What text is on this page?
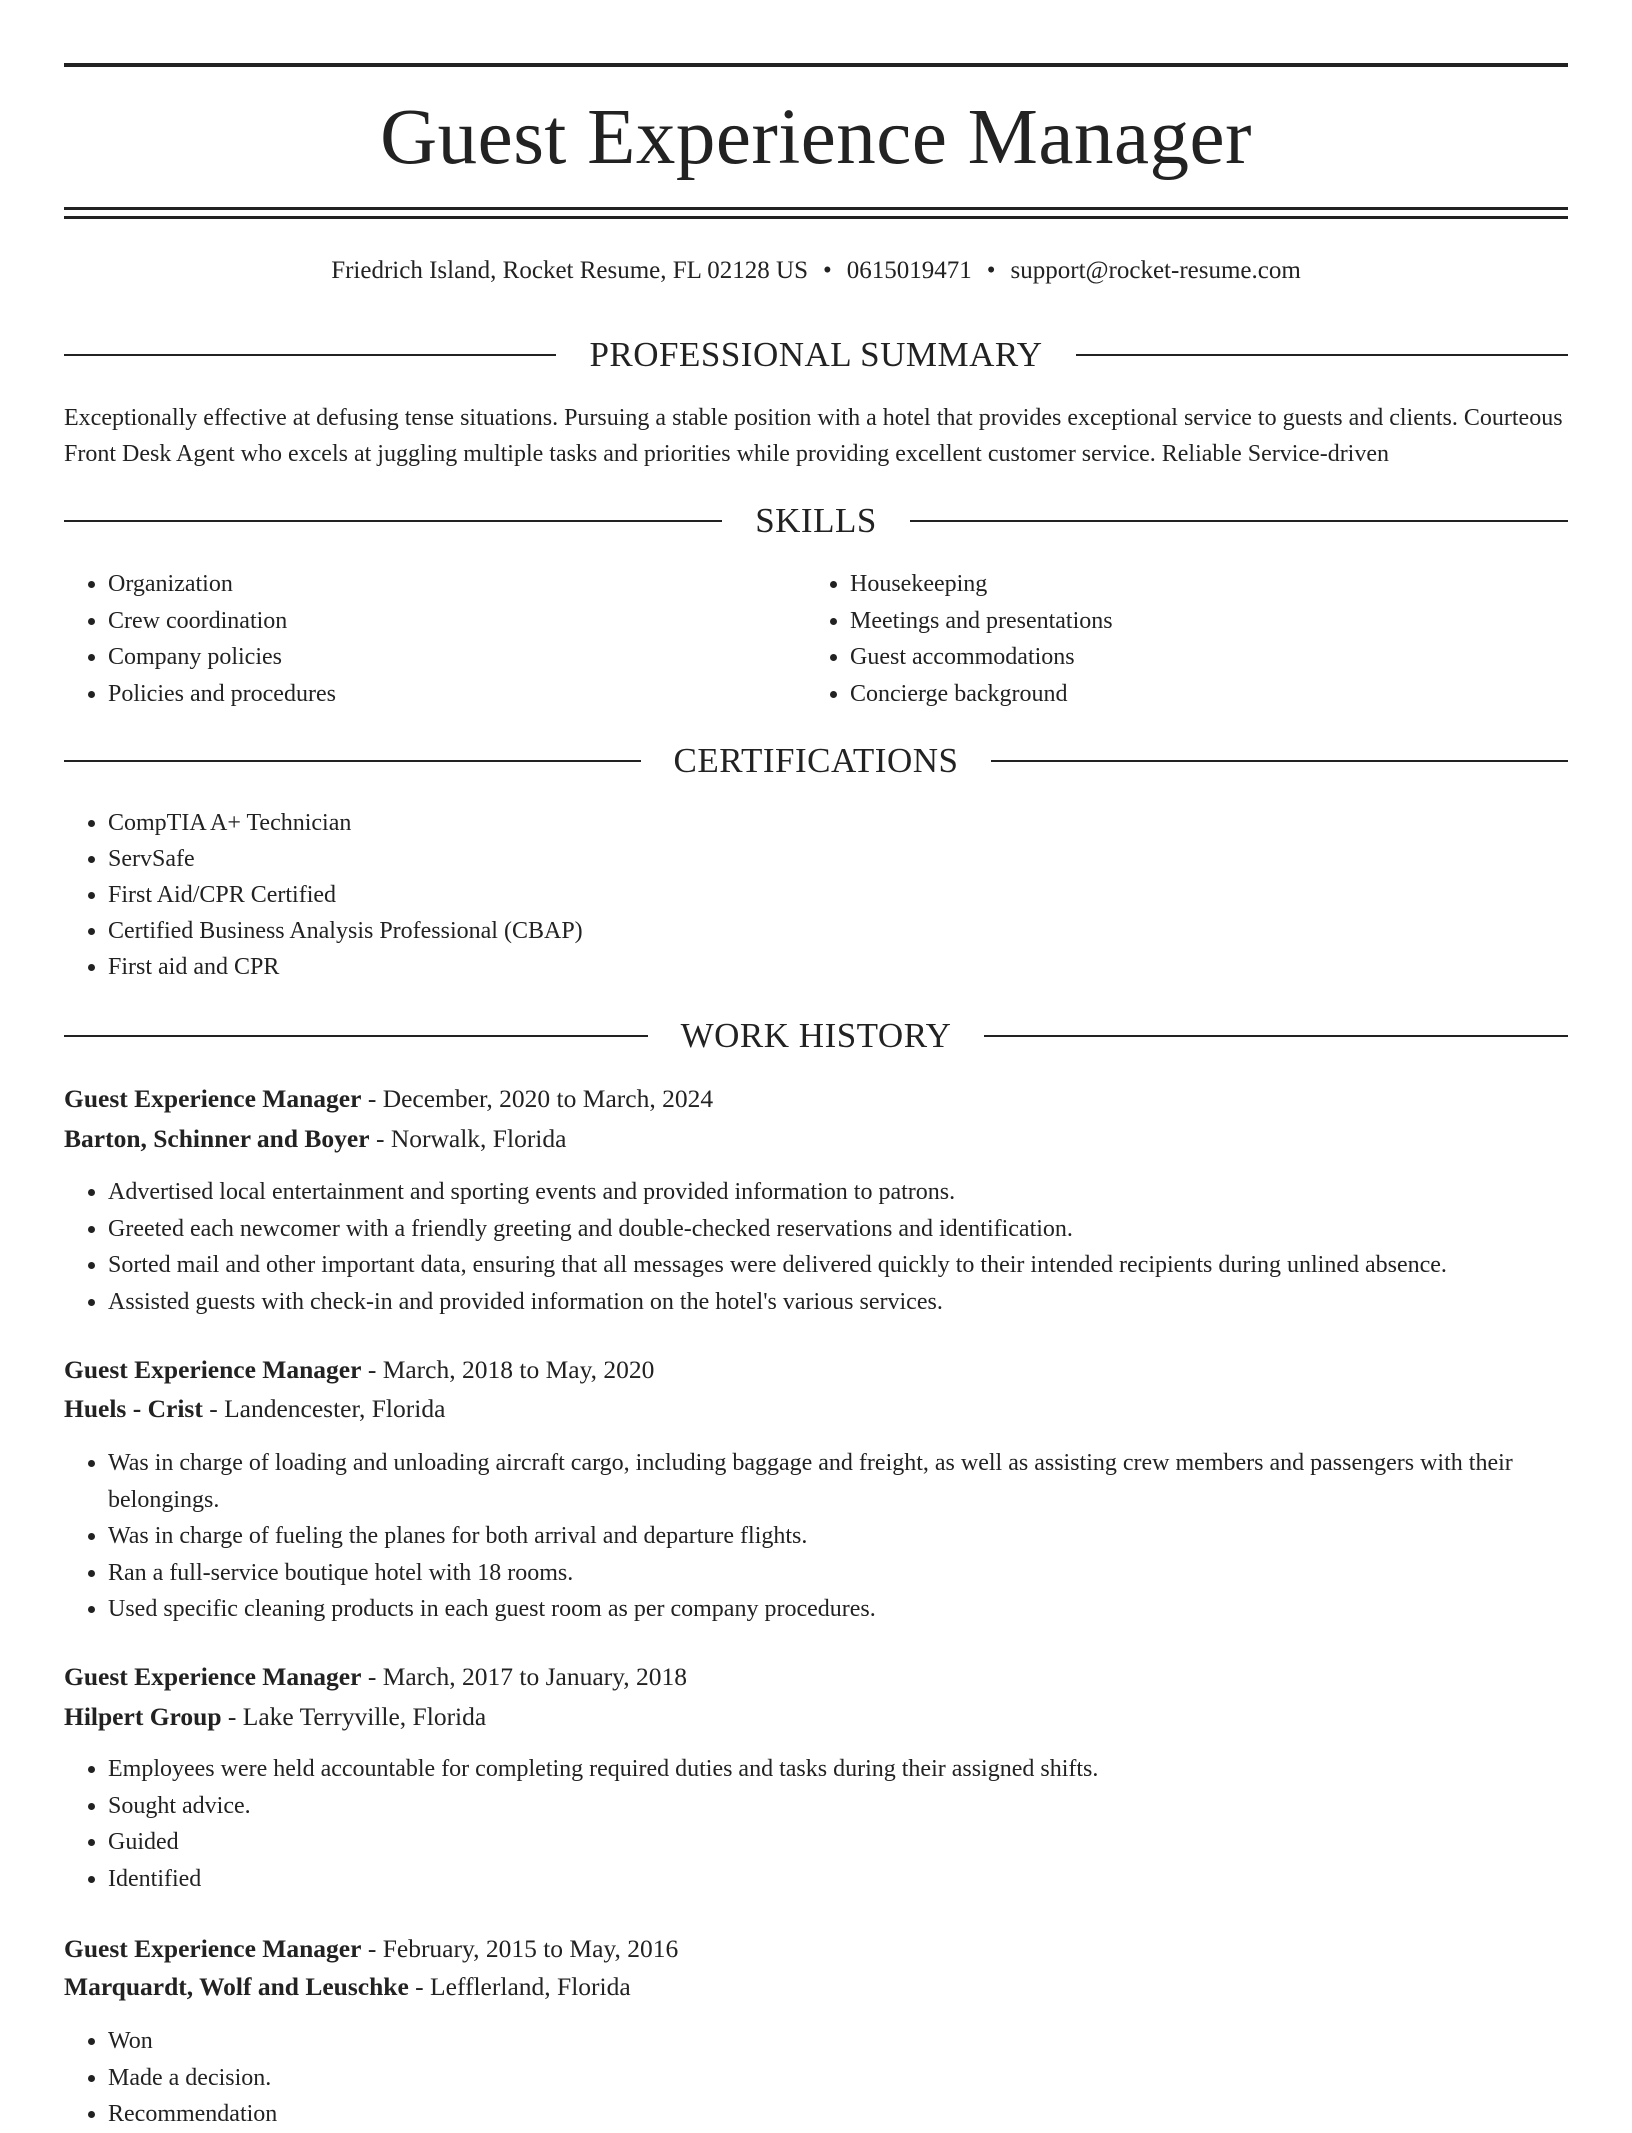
Guest Experience Manager
Friedrich Island, Rocket Resume, FL 02128 US • 0615019471 • support@rocket-resume.com
PROFESSIONAL SUMMARY
Exceptionally effective at defusing tense situations. Pursuing a stable position with a hotel that provides exceptional service to guests and clients. Courteous Front Desk Agent who excels at juggling multiple tasks and priorities while providing excellent customer service. Reliable Service-driven
SKILLS
• Organization
• Crew coordination
• Company policies
• Policies and procedures
• Housekeeping
• Meetings and presentations
• Guest accommodations
• Concierge background
CERTIFICATIONS
• CompTIA A+ Technician
• ServSafe
• First Aid/CPR Certified
• Certified Business Analysis Professional (CBAP)
• First aid and CPR
WORK HISTORY
Guest Experience Manager - December, 2020 to March, 2024
Barton, Schinner and Boyer - Norwalk, Florida
• Advertised local entertainment and sporting events and provided information to patrons.
• Greeted each newcomer with a friendly greeting and double-checked reservations and identification.
• Sorted mail and other important data, ensuring that all messages were delivered quickly to their intended recipients during unlined absence.
• Assisted guests with check-in and provided information on the hotel's various services.
Guest Experience Manager - March, 2018 to May, 2020
Huels - Crist - Landencester, Florida
• Was in charge of loading and unloading aircraft cargo, including baggage and freight, as well as assisting crew members and passengers with their belongings.
• Was in charge of fueling the planes for both arrival and departure flights.
• Ran a full-service boutique hotel with 18 rooms.
• Used specific cleaning products in each guest room as per company procedures.
Guest Experience Manager - March, 2017 to January, 2018
Hilpert Group - Lake Terryville, Florida
• Employees were held accountable for completing required duties and tasks during their assigned shifts.
• Sought advice.
• Guided
• Identified
Guest Experience Manager - February, 2015 to May, 2016
Marquardt, Wolf and Leuschke - Lefflerland, Florida
• Won
• Made a decision.
• Recommendation
